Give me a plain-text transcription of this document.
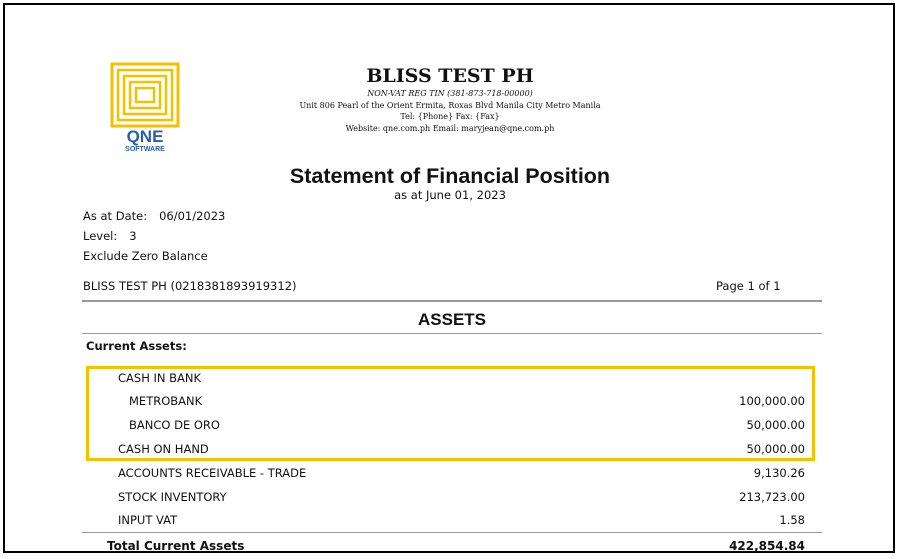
QNE
SOFTWARE
BLISS TEST PH
NON-VAT REG TIN (381-873-718-00000)
Unit 806 Pearl of the Orient Ermita, Roxas Blvd Manila City Metro Manila
Tel: {Phone} Fax: {Fax}
Website: qne.com.ph Email: maryjean@qne.com.ph
Statement of Financial Position
as at June 01, 2023
As at Date: 06/01/2023
Level: 3
Exclude Zero Balance
BLISS TEST PH (0218381893919312)	Page 1 of 1
ASSETS
Current Assets:
CASH IN BANK
METROBANK	100,000.00
BANCO DE ORO	50,000.00
CASH ON HAND	50,000.00
ACCOUNTS RECEIVABLE - TRADE	9,130.26
STOCK INVENTORY	213,723.00
INPUT VAT	1.58
Total Current Assets	422,854.84
